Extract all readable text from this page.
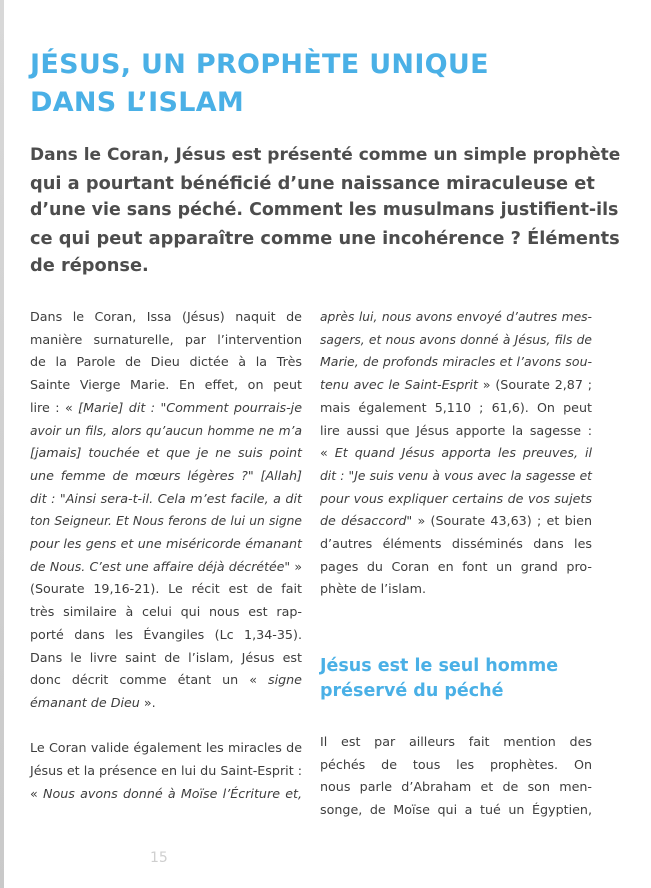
JÉSUS, UN PROPHÈTE UNIQUE
DANS L’ISLAM
Dans le Coran, Jésus est présenté comme un simple prophète
qui a pourtant bénéficié d’une naissance miraculeuse et
d’une vie sans péché. Comment les musulmans justifient-ils
ce qui peut apparaître comme une incohérence ? Éléments
de réponse.
Dans le Coran, Issa (Jésus) naquit de
manière surnaturelle, par l’intervention
de la Parole de Dieu dictée à la Très
Sainte Vierge Marie. En effet, on peut
lire : « [Marie] dit : "Comment pourrais-je
avoir un fils, alors qu’aucun homme ne m’a
[jamais] touchée et que je ne suis point
une femme de mœurs légères ?" [Allah]
dit : "Ainsi sera-t-il. Cela m’est facile, a dit
ton Seigneur. Et Nous ferons de lui un signe
pour les gens et une miséricorde émanant
de Nous. C’est une affaire déjà décrétée" »
(Sourate 19,16-21). Le récit est de fait
très similaire à celui qui nous est rap-
porté dans les Évangiles (Lc 1,34-35).
Dans le livre saint de l’islam, Jésus est
donc décrit comme étant un « signe
émanant de Dieu ».
Le Coran valide également les miracles de
Jésus et la présence en lui du Saint-Esprit :
« Nous avons donné à Moïse l’Écriture et,
après lui, nous avons envoyé d’autres mes-
sagers, et nous avons donné à Jésus, fils de
Marie, de profonds miracles et l’avons sou-
tenu avec le Saint-Esprit » (Sourate 2,87 ;
mais également 5,110 ; 61,6). On peut
lire aussi que Jésus apporte la sagesse :
« Et quand Jésus apporta les preuves, il
dit : "Je suis venu à vous avec la sagesse et
pour vous expliquer certains de vos sujets
de désaccord" » (Sourate 43,63) ; et bien
d’autres éléments disséminés dans les
pages du Coran en font un grand pro-
phète de l’islam.
Jésus est le seul homme
préservé du péché
Il est par ailleurs fait mention des
péchés de tous les prophètes. On
nous parle d’Abraham et de son men-
songe, de Moïse qui a tué un Égyptien,
15
